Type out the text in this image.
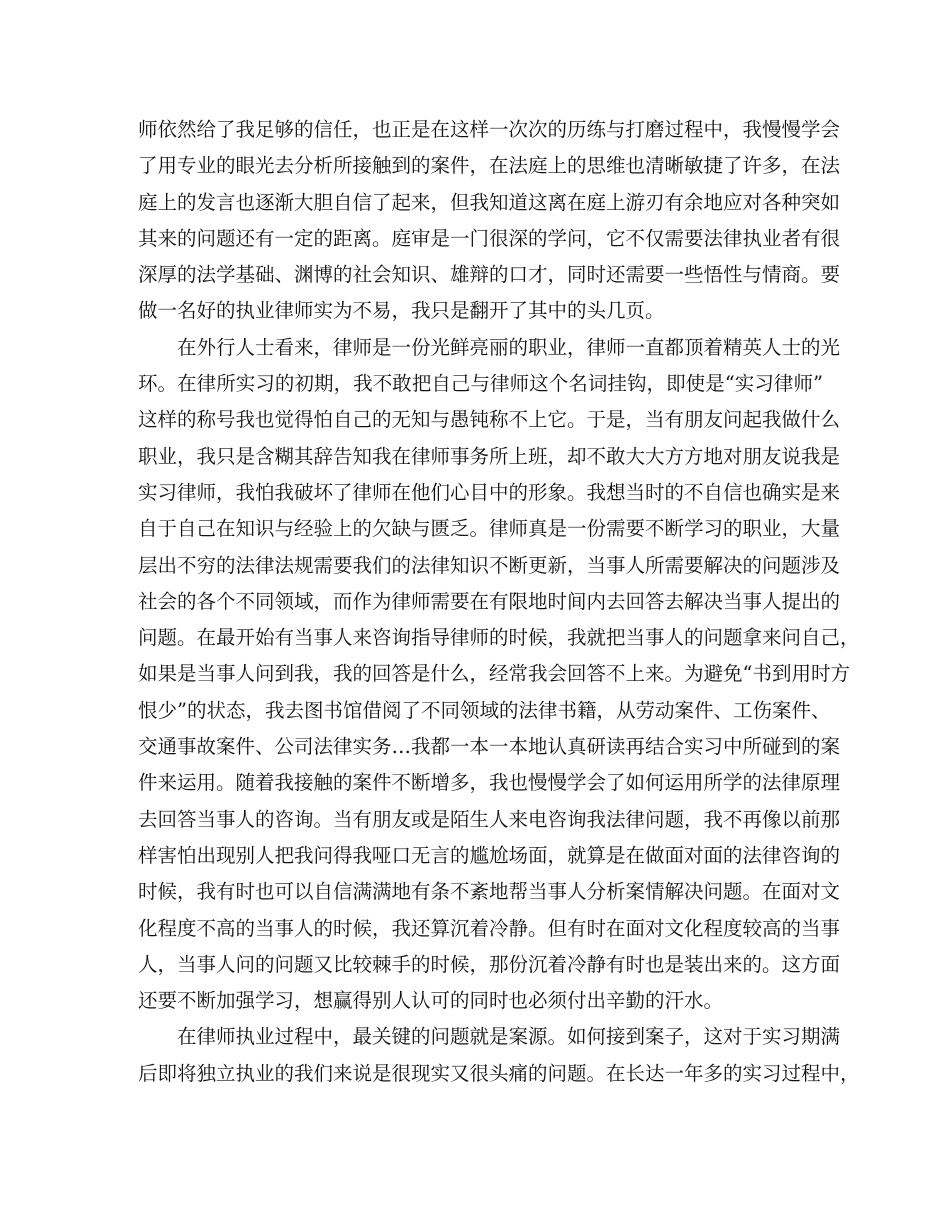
师依然给了我足够的信任，也正是在这样一次次的历练与打磨过程中，我慢慢学会
了用专业的眼光去分析所接触到的案件，在法庭上的思维也清晰敏捷了许多，在法
庭上的发言也逐渐大胆自信了起来，但我知道这离在庭上游刃有余地应对各种突如
其来的问题还有一定的距离。庭审是一门很深的学问，它不仅需要法律执业者有很
深厚的法学基础、渊博的社会知识、雄辩的口才，同时还需要一些悟性与情商。要
做一名好的执业律师实为不易，我只是翻开了其中的头几页。
在外行人士看来，律师是一份光鲜亮丽的职业，律师一直都顶着精英人士的光
环。在律所实习的初期，我不敢把自己与律师这个名词挂钩，即使是“实习律师”
这样的称号我也觉得怕自己的无知与愚钝称不上它。于是，当有朋友问起我做什么
职业，我只是含糊其辞告知我在律师事务所上班，却不敢大大方方地对朋友说我是
实习律师，我怕我破坏了律师在他们心目中的形象。我想当时的不自信也确实是来
自于自己在知识与经验上的欠缺与匮乏。律师真是一份需要不断学习的职业，大量
层出不穷的法律法规需要我们的法律知识不断更新，当事人所需要解决的问题涉及
社会的各个不同领域，而作为律师需要在有限地时间内去回答去解决当事人提出的
问题。在最开始有当事人来咨询指导律师的时候，我就把当事人的问题拿来问自己，
如果是当事人问到我，我的回答是什么，经常我会回答不上来。为避免“书到用时方
恨少”的状态，我去图书馆借阅了不同领域的法律书籍，从劳动案件、工伤案件、
交通事故案件、公司法律实务…我都一本一本地认真研读再结合实习中所碰到的案
件来运用。随着我接触的案件不断增多，我也慢慢学会了如何运用所学的法律原理
去回答当事人的咨询。当有朋友或是陌生人来电咨询我法律问题，我不再像以前那
样害怕出现别人把我问得我哑口无言的尴尬场面，就算是在做面对面的法律咨询的
时候，我有时也可以自信满满地有条不紊地帮当事人分析案情解决问题。在面对文
化程度不高的当事人的时候，我还算沉着冷静。但有时在面对文化程度较高的当事
人，当事人问的问题又比较棘手的时候，那份沉着冷静有时也是装出来的。这方面
还要不断加强学习，想赢得别人认可的同时也必须付出辛勤的汗水。
在律师执业过程中，最关键的问题就是案源。如何接到案子，这对于实习期满
后即将独立执业的我们来说是很现实又很头痛的问题。在长达一年多的实习过程中，
